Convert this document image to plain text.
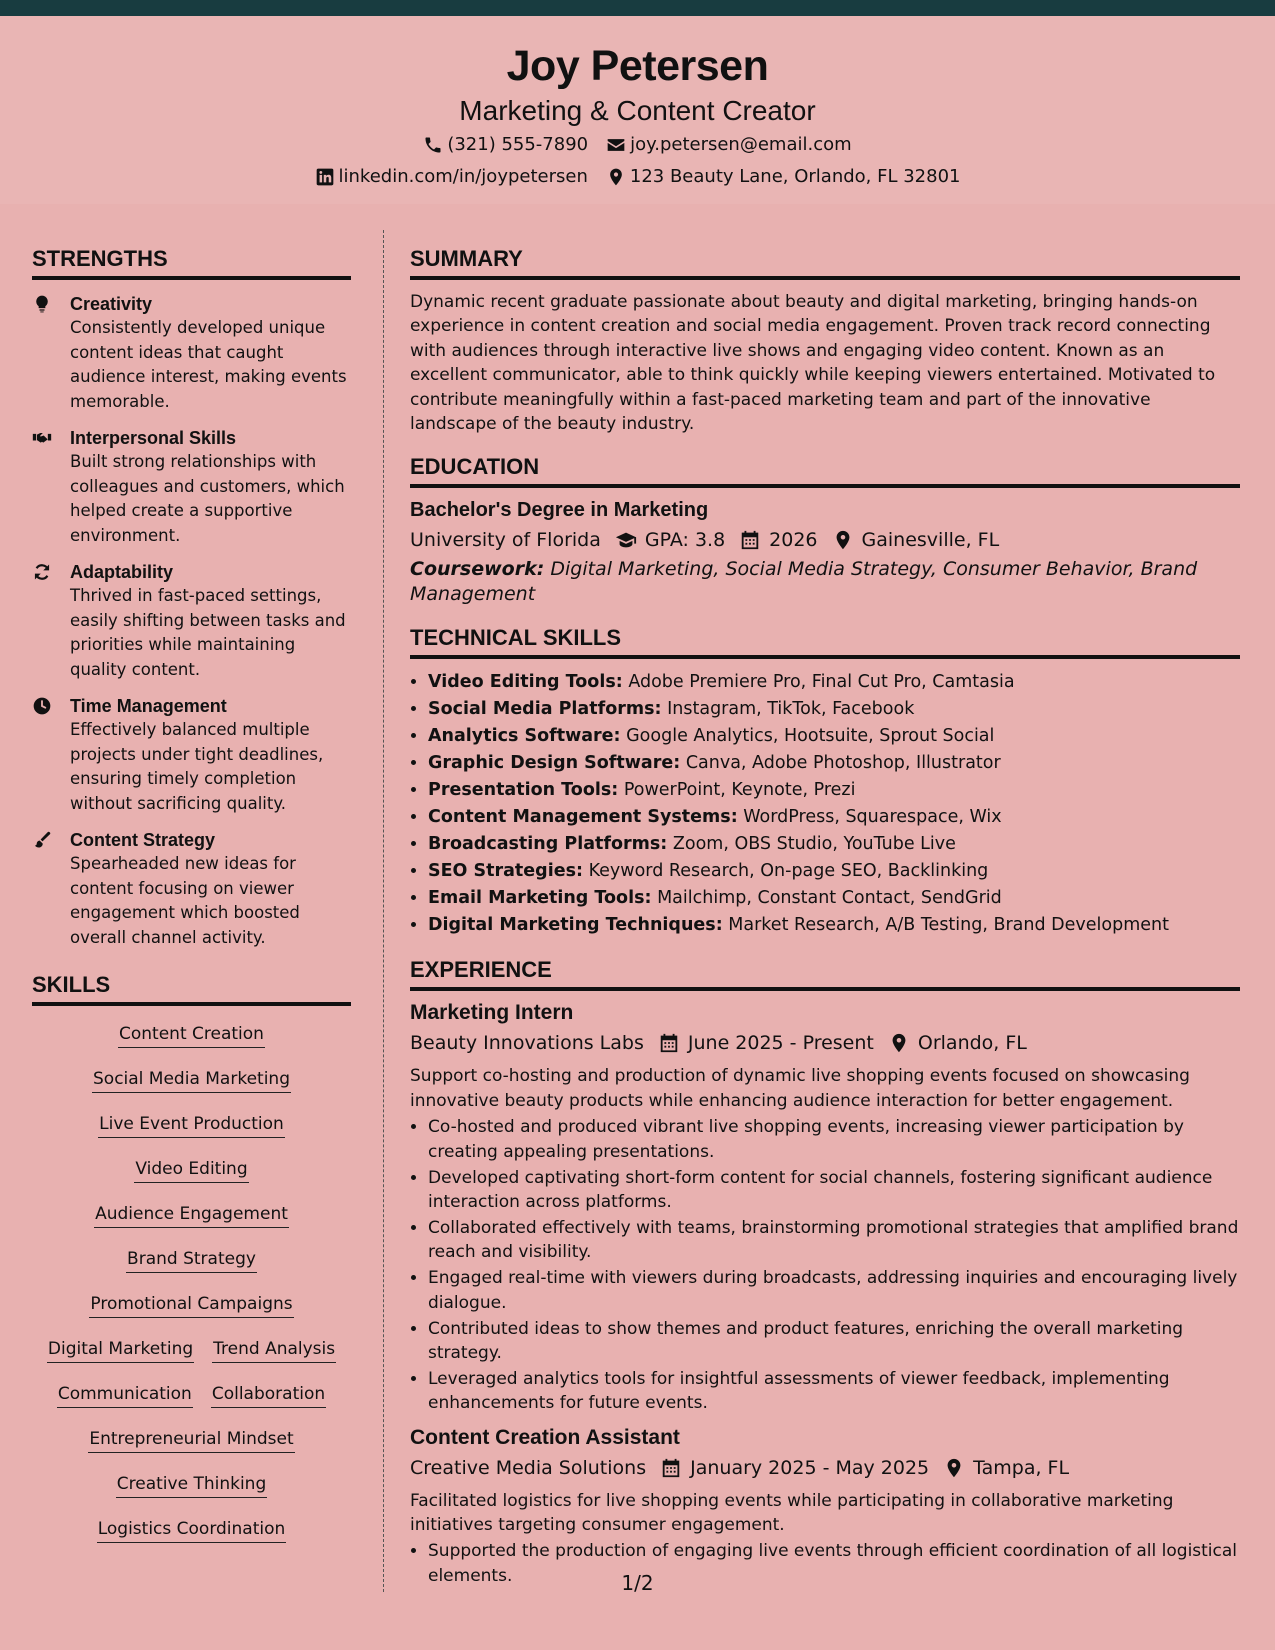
Joy Petersen
Marketing & Content Creator
(321) 555-7890 joy.petersen@email.com
linkedin.com/in/joypetersen 123 Beauty Lane, Orlando, FL 32801
STRENGTHS
Creativity
Consistently developed unique content ideas that caught audience interest, making events memorable.
Interpersonal Skills
Built strong relationships with colleagues and customers, which helped create a supportive environment.
Adaptability
Thrived in fast-paced settings, easily shifting between tasks and priorities while maintaining quality content.
Time Management
Effectively balanced multiple projects under tight deadlines, ensuring timely completion without sacrificing quality.
Content Strategy
Spearheaded new ideas for content focusing on viewer engagement which boosted overall channel activity.
SKILLS
Content Creation
Social Media Marketing
Live Event Production
Video Editing
Audience Engagement
Brand Strategy
Promotional Campaigns
Digital Marketing Trend Analysis
Communication Collaboration
Entrepreneurial Mindset
Creative Thinking
Logistics Coordination
SUMMARY
Dynamic recent graduate passionate about beauty and digital marketing, bringing hands-on experience in content creation and social media engagement. Proven track record connecting with audiences through interactive live shows and engaging video content. Known as an excellent communicator, able to think quickly while keeping viewers entertained. Motivated to contribute meaningfully within a fast-paced marketing team and part of the innovative landscape of the beauty industry.
EDUCATION
Bachelor's Degree in Marketing
University of Florida GPA: 3.8 2026 Gainesville, FL
Coursework: Digital Marketing, Social Media Strategy, Consumer Behavior, Brand Management
TECHNICAL SKILLS
• Video Editing Tools: Adobe Premiere Pro, Final Cut Pro, Camtasia
• Social Media Platforms: Instagram, TikTok, Facebook
• Analytics Software: Google Analytics, Hootsuite, Sprout Social
• Graphic Design Software: Canva, Adobe Photoshop, Illustrator
• Presentation Tools: PowerPoint, Keynote, Prezi
• Content Management Systems: WordPress, Squarespace, Wix
• Broadcasting Platforms: Zoom, OBS Studio, YouTube Live
• SEO Strategies: Keyword Research, On-page SEO, Backlinking
• Email Marketing Tools: Mailchimp, Constant Contact, SendGrid
• Digital Marketing Techniques: Market Research, A/B Testing, Brand Development
EXPERIENCE
Marketing Intern
Beauty Innovations Labs June 2025 - Present Orlando, FL
Support co-hosting and production of dynamic live shopping events focused on showcasing innovative beauty products while enhancing audience interaction for better engagement.
• Co-hosted and produced vibrant live shopping events, increasing viewer participation by creating appealing presentations.
• Developed captivating short-form content for social channels, fostering significant audience interaction across platforms.
• Collaborated effectively with teams, brainstorming promotional strategies that amplified brand reach and visibility.
• Engaged real-time with viewers during broadcasts, addressing inquiries and encouraging lively dialogue.
• Contributed ideas to show themes and product features, enriching the overall marketing strategy.
• Leveraged analytics tools for insightful assessments of viewer feedback, implementing enhancements for future events.
Content Creation Assistant
Creative Media Solutions January 2025 - May 2025 Tampa, FL
Facilitated logistics for live shopping events while participating in collaborative marketing initiatives targeting consumer engagement.
• Supported the production of engaging live events through efficient coordination of all logistical elements.	1/2
